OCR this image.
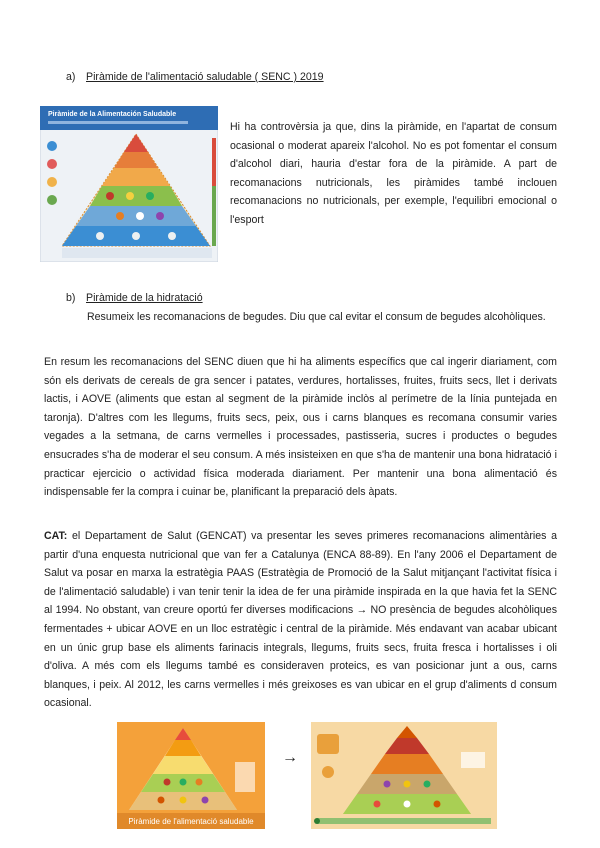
a) Piràmide de l'alimentació saludable ( SENC ) 2019
Piràmide de la Alimentación Saludable

Hi ha controvèrsia ja que, dins la piràmide, en l'apartat de consum ocasional o moderat apareix l'alcohol. No es pot fomentar el consum d'alcohol diari, hauria d'estar fora de la piràmide. A part de recomanacions nutricionals, les piràmides també inclouen recomanacions no nutricionals, per exemple, l'equilibri emocional o l'esport

b) Piràmide de la hidratació

Resumeix les recomanacions de begudes. Diu que cal evitar el consum de begudes alcohòliques.

En resum les recomanacions del SENC diuen que hi ha aliments específics que cal ingerir diariament, com són els derivats de cereals de gra sencer i patates, verdures, hortalisses, fruites, fruits secs, llet i derivats lactis, i AOVE (aliments que estan al segment de la piràmide inclòs al perímetre de la línia puntejada en taronja). D'altres com les llegums, fruits secs, peix, ous i carns blanques es recomana consumir varies vegades a la setmana, de carns vermelles i processades, pastisseria, sucres i productes o begudes ensucrades s'ha de moderar el seu consum. A més insisteixen en que s'ha de mantenir una bona hidratació i practicar ejercicio o actividad física moderada diariament. Per mantenir una bona alimentació és indispensable fer la compra i cuinar be, planificant la preparació dels àpats.

CAT: el Departament de Salut (GENCAT) va presentar les seves primeres recomanacions alimentàries a partir d'una enquesta nutricional que van fer a Catalunya (ENCA 88-89). En l'any 2006 el Departament de Salut va posar en marxa la estratègia PAAS (Estratègia de Promoció de la Salut mitjançant l'activitat física i de l'alimentació saludable) i van tenir tenir la idea de fer una piràmide inspirada en la que havia fet la SENC al 1994. No obstant, van creure oportú fer diverses modificacions → NO presència de begudes alcohòliques fermentades + ubicar AOVE en un lloc estratègic i central de la piràmide. Més endavant van acabar ubicant en un únic grup base els aliments farinacis integrals, llegums, fruits secs, fruita fresca i hortalisses i oli d'oliva. A més com els llegums també es consideraven proteics, es van posicionar junt a ous, carns blanques, i peix. Al 2012, les carns vermelles i més greixoses es van ubicar en el grup d'aliments d consum ocasional.

Piràmide de l'alimentació saludable
→
